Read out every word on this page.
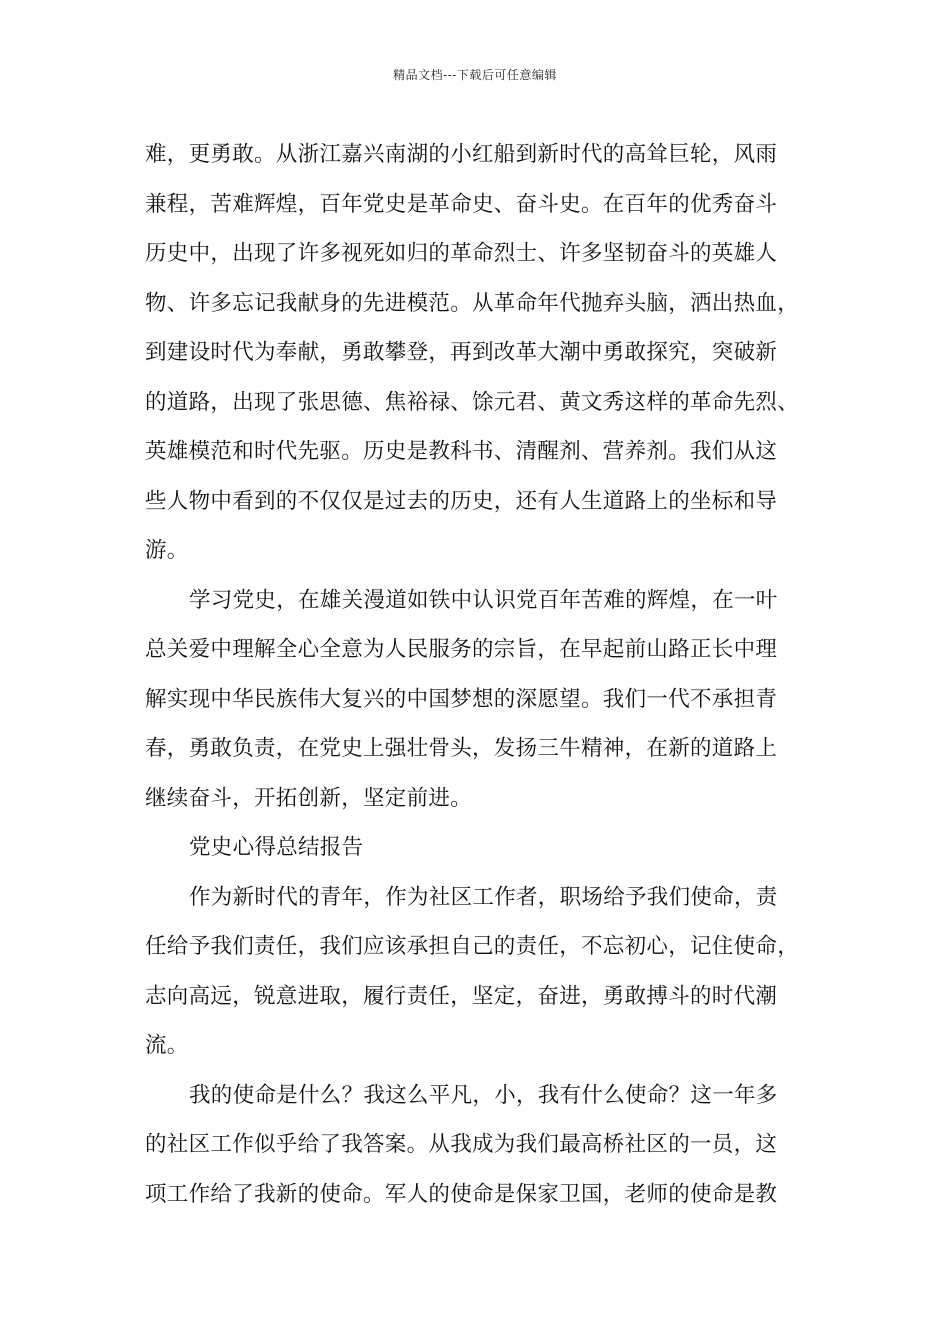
精品文档---下载后可任意编辑
难，更勇敢。从浙江嘉兴南湖的小红船到新时代的高耸巨轮，风雨
兼程，苦难辉煌，百年党史是革命史、奋斗史。在百年的优秀奋斗
历史中，出现了许多视死如归的革命烈士、许多坚韧奋斗的英雄人
物、许多忘记我献身的先进模范。从革命年代抛弃头脑，洒出热血，
到建设时代为奉献，勇敢攀登，再到改革大潮中勇敢探究，突破新
的道路，出现了张思德、焦裕禄、馀元君、黄文秀这样的革命先烈、
英雄模范和时代先驱。历史是教科书、清醒剂、营养剂。我们从这
些人物中看到的不仅仅是过去的历史，还有人生道路上的坐标和导
游。
学习党史，在雄关漫道如铁中认识党百年苦难的辉煌，在一叶
总关爱中理解全心全意为人民服务的宗旨，在早起前山路正长中理
解实现中华民族伟大复兴的中国梦想的深愿望。我们一代不承担青
春，勇敢负责，在党史上强壮骨头，发扬三牛精神，在新的道路上
继续奋斗，开拓创新，坚定前进。
党史心得总结报告
作为新时代的青年，作为社区工作者，职场给予我们使命，责
任给予我们责任，我们应该承担自己的责任，不忘初心，记住使命，
志向高远，锐意进取，履行责任，坚定，奋进，勇敢搏斗的时代潮
流。
我的使命是什么？我这么平凡，小，我有什么使命？这一年多
的社区工作似乎给了我答案。从我成为我们最高桥社区的一员，这
项工作给了我新的使命。军人的使命是保家卫国，老师的使命是教
